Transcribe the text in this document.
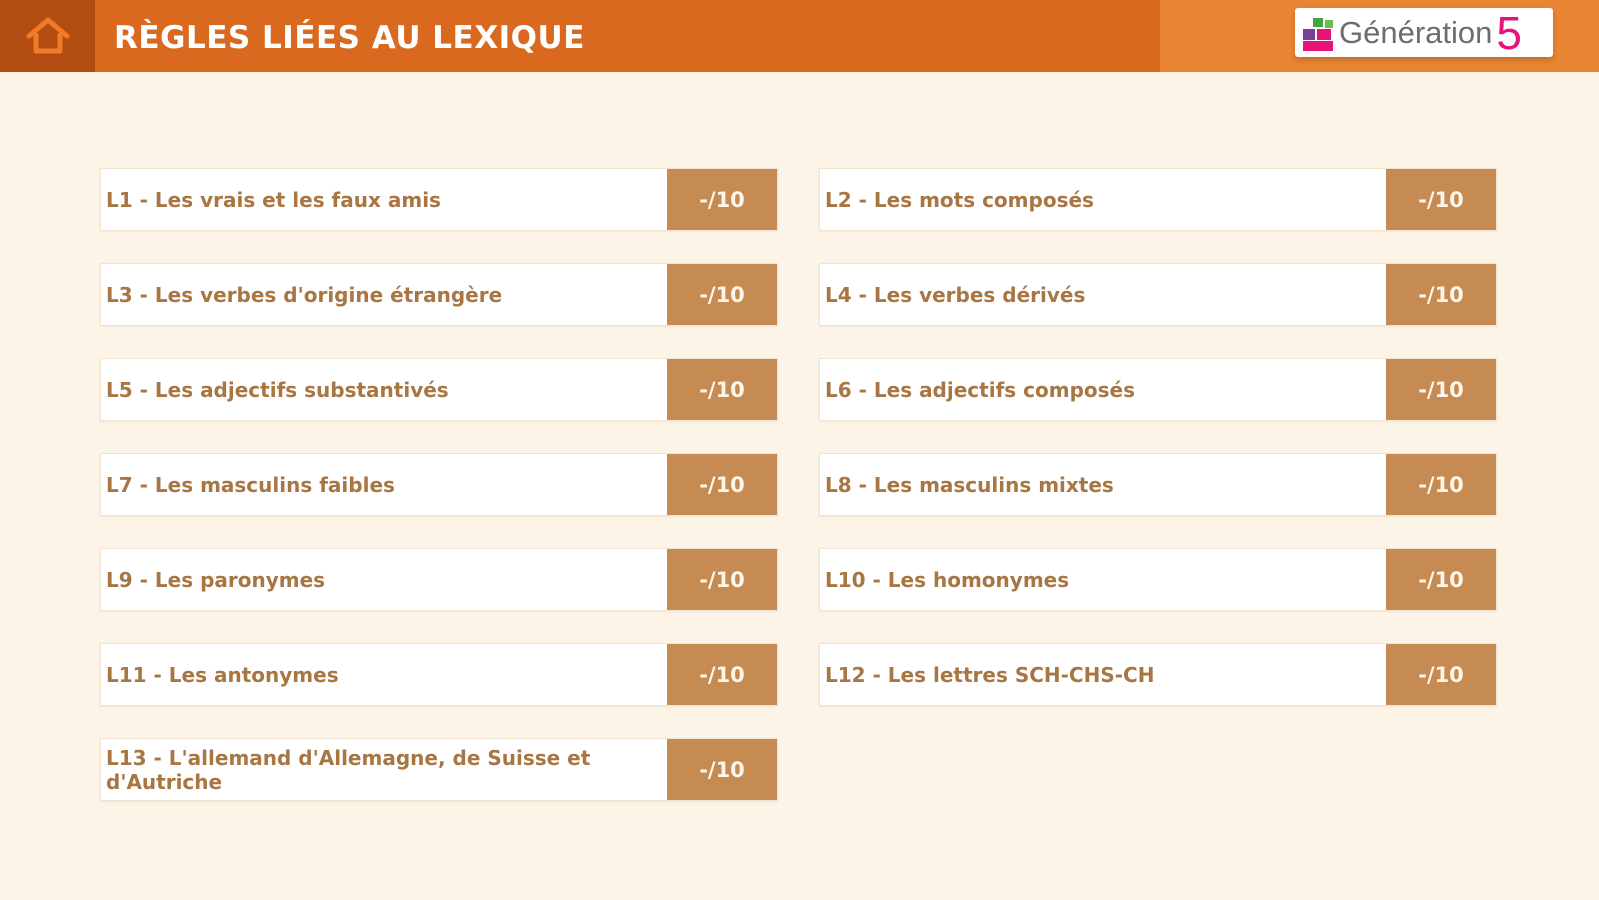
RÈGLES LIÉES AU LEXIQUE	Génération 5
L1 - Les vrais et les faux amis	-/10	L2 - Les mots composés	-/10
L3 - Les verbes d'origine étrangère	-/10	L4 - Les verbes dérivés	-/10
L5 - Les adjectifs substantivés	-/10	L6 - Les adjectifs composés	-/10
L7 - Les masculins faibles	-/10	L8 - Les masculins mixtes	-/10
L9 - Les paronymes	-/10	L10 - Les homonymes	-/10
L11 - Les antonymes	-/10	L12 - Les lettres SCH-CHS-CH	-/10
L13 - L'allemand d'Allemagne, de Suisse et d'Autriche	-/10
